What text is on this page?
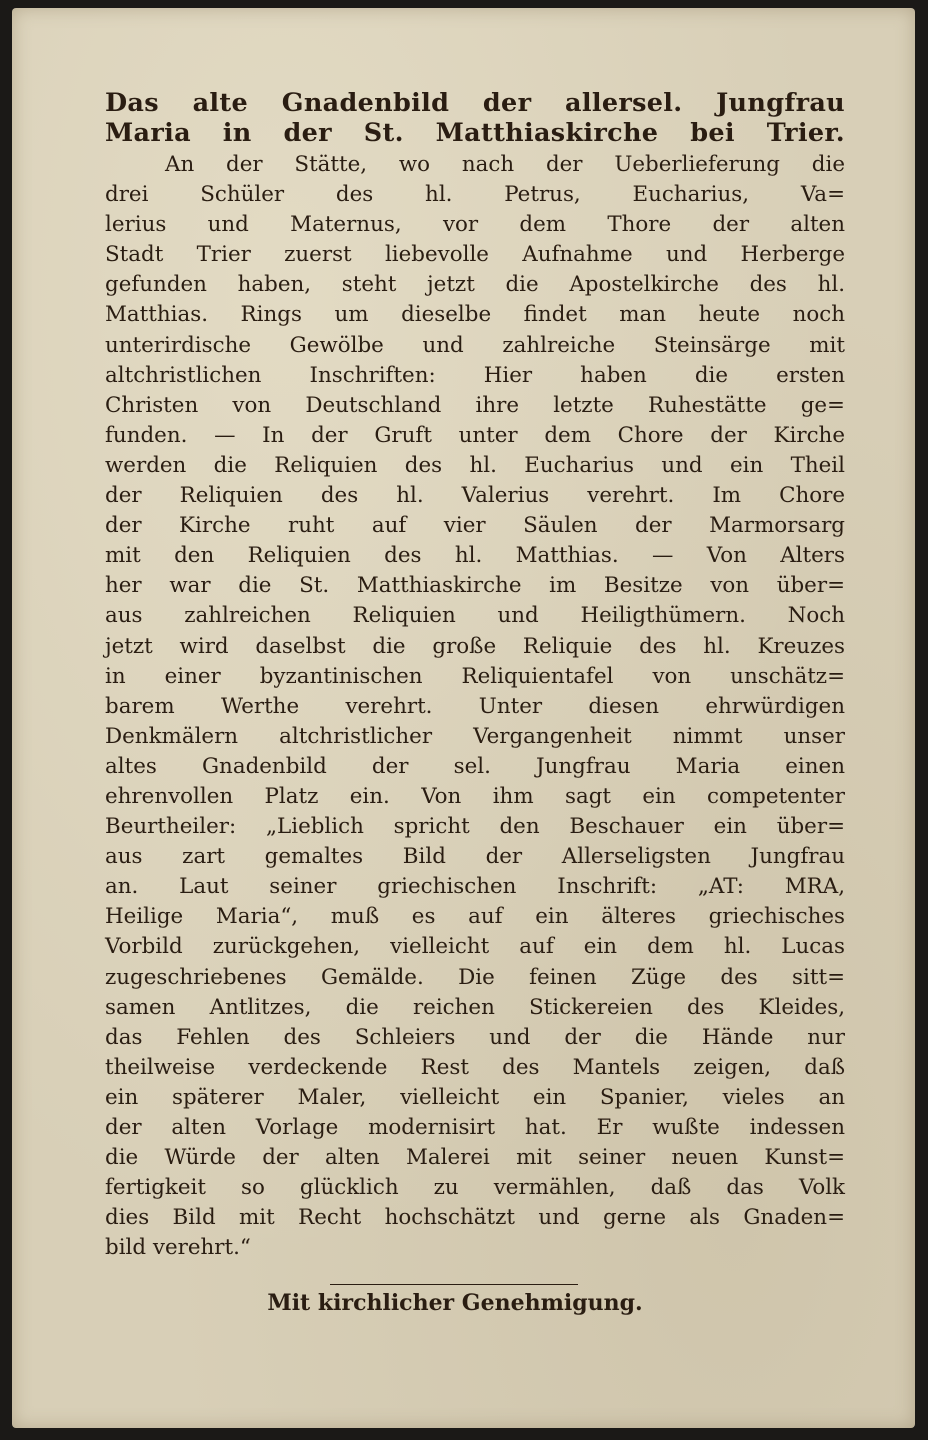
Das alte Gnadenbild der allersel. Jungfrau
Maria in der St. Matthiaskirche bei Trier.
An der Stätte, wo nach der Ueberlieferung die
drei Schüler des hl. Petrus, Eucharius, Va=
lerius und Maternus, vor dem Thore der alten
Stadt Trier zuerst liebevolle Aufnahme und Herberge
gefunden haben, steht jetzt die Apostelkirche des hl.
Matthias. Rings um dieselbe findet man heute noch
unterirdische Gewölbe und zahlreiche Steinsärge mit
altchristlichen Inschriften: Hier haben die ersten
Christen von Deutschland ihre letzte Ruhestätte ge=
funden. — In der Gruft unter dem Chore der Kirche
werden die Reliquien des hl. Eucharius und ein Theil
der Reliquien des hl. Valerius verehrt. Im Chore
der Kirche ruht auf vier Säulen der Marmorsarg
mit den Reliquien des hl. Matthias. — Von Alters
her war die St. Matthiaskirche im Besitze von über=
aus zahlreichen Reliquien und Heiligthümern. Noch
jetzt wird daselbst die große Reliquie des hl. Kreuzes
in einer byzantinischen Reliquientafel von unschätz=
barem Werthe verehrt. Unter diesen ehrwürdigen
Denkmälern altchristlicher Vergangenheit nimmt unser
altes Gnadenbild der sel. Jungfrau Maria einen
ehrenvollen Platz ein. Von ihm sagt ein competenter
Beurtheiler: „Lieblich spricht den Beschauer ein über=
aus zart gemaltes Bild der Allerseligsten Jungfrau
an. Laut seiner griechischen Inschrift: „AT: MRA,
Heilige Maria“, muß es auf ein älteres griechisches
Vorbild zurückgehen, vielleicht auf ein dem hl. Lucas
zugeschriebenes Gemälde. Die feinen Züge des sitt=
samen Antlitzes, die reichen Stickereien des Kleides,
das Fehlen des Schleiers und der die Hände nur
theilweise verdeckende Rest des Mantels zeigen, daß
ein späterer Maler, vielleicht ein Spanier, vieles an
der alten Vorlage modernisirt hat. Er wußte indessen
die Würde der alten Malerei mit seiner neuen Kunst=
fertigkeit so glücklich zu vermählen, daß das Volk
dies Bild mit Recht hochschätzt und gerne als Gnaden=
bild verehrt.“
Mit kirchlicher Genehmigung.
